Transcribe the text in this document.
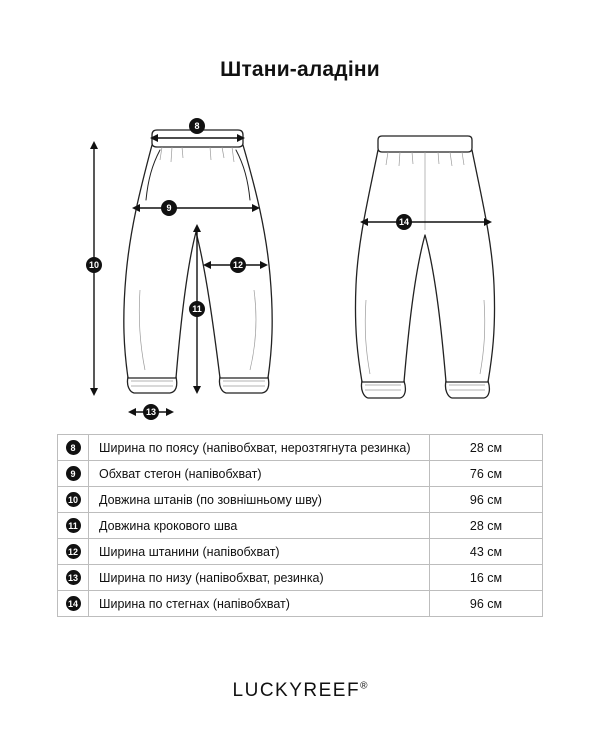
Штани-аладіни
8
9
10
11
12
13
14
8	Ширина по поясу (напівобхват, нерозтягнута резинка)	28 см
9	Обхват стегон (напівобхват)	76 см
10	Довжина штанів (по зовнішньому шву)	96 см
11	Довжина крокового шва	28 см
12	Ширина штанини (напівобхват)	43 см
13	Ширина по низу (напівобхват, резинка)	16 см
14	Ширина по стегнах (напівобхват)	96 см
LUCKYREEF®
